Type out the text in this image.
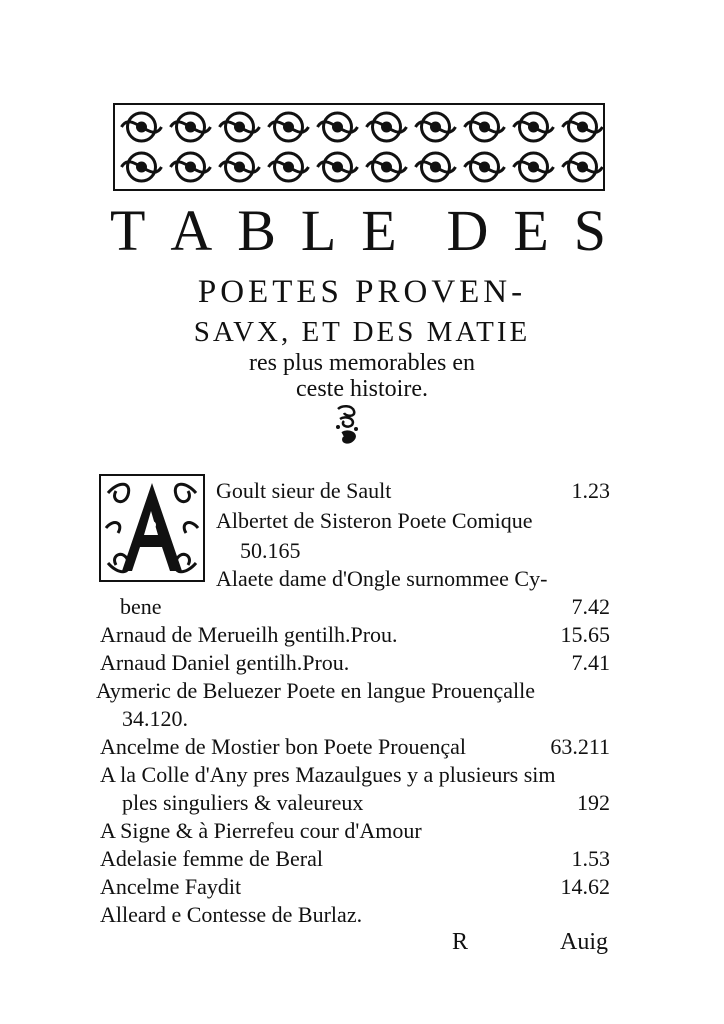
T A B L E D E S
POETES PROVEN-
SAVX, ET DES MATIE
res plus memorables en
ceste histoire.
Goult sieur de Sault	1.23
Albertet de Sisteron Poete Comique
50.165
Alaete dame d'Ongle surnommee Cy-
bene	7.42
Arnaud de Merueilh gentilh.Prou.	15.65
Arnaud Daniel gentilh.Prou.	7.41
Aymeric de Beluezer Poete en langue Prouençalle
34.120.
Ancelme de Mostier bon Poete Prouençal	63.211
A la Colle d'Any pres Mazaulgues y a plusieurs sim
ples singuliers & valeureux	192
A Signe & à Pierrefeu cour d'Amour
Adelasie femme de Beral	1.53
Ancelme Faydit	14.62
Alleard e Contesse de Burlaz.
R	Auig
